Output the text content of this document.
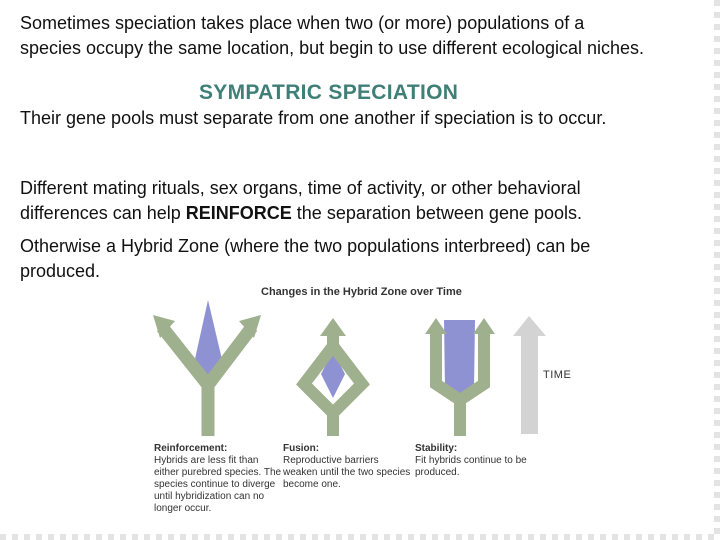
Sometimes speciation takes place when two (or more) populations of a
species occupy the same location, but begin to use different ecological niches.

SYMPATRIC SPECIATION

Their gene pools must separate from one another if speciation is to occur.

Different mating rituals, sex organs, time of activity, or other behavioral
differences can help REINFORCE the separation between gene pools.

Otherwise a Hybrid Zone (where the two populations interbreed) can be
produced.

Changes in the Hybrid Zone over Time
TIME
Reinforcement:
Hybrids are less fit than either purebred species. The species continue to diverge until hybridization can no longer occur.
Fusion:
Reproductive barriers weaken until the two species become one.
Stability:
Fit hybrids continue to be produced.
